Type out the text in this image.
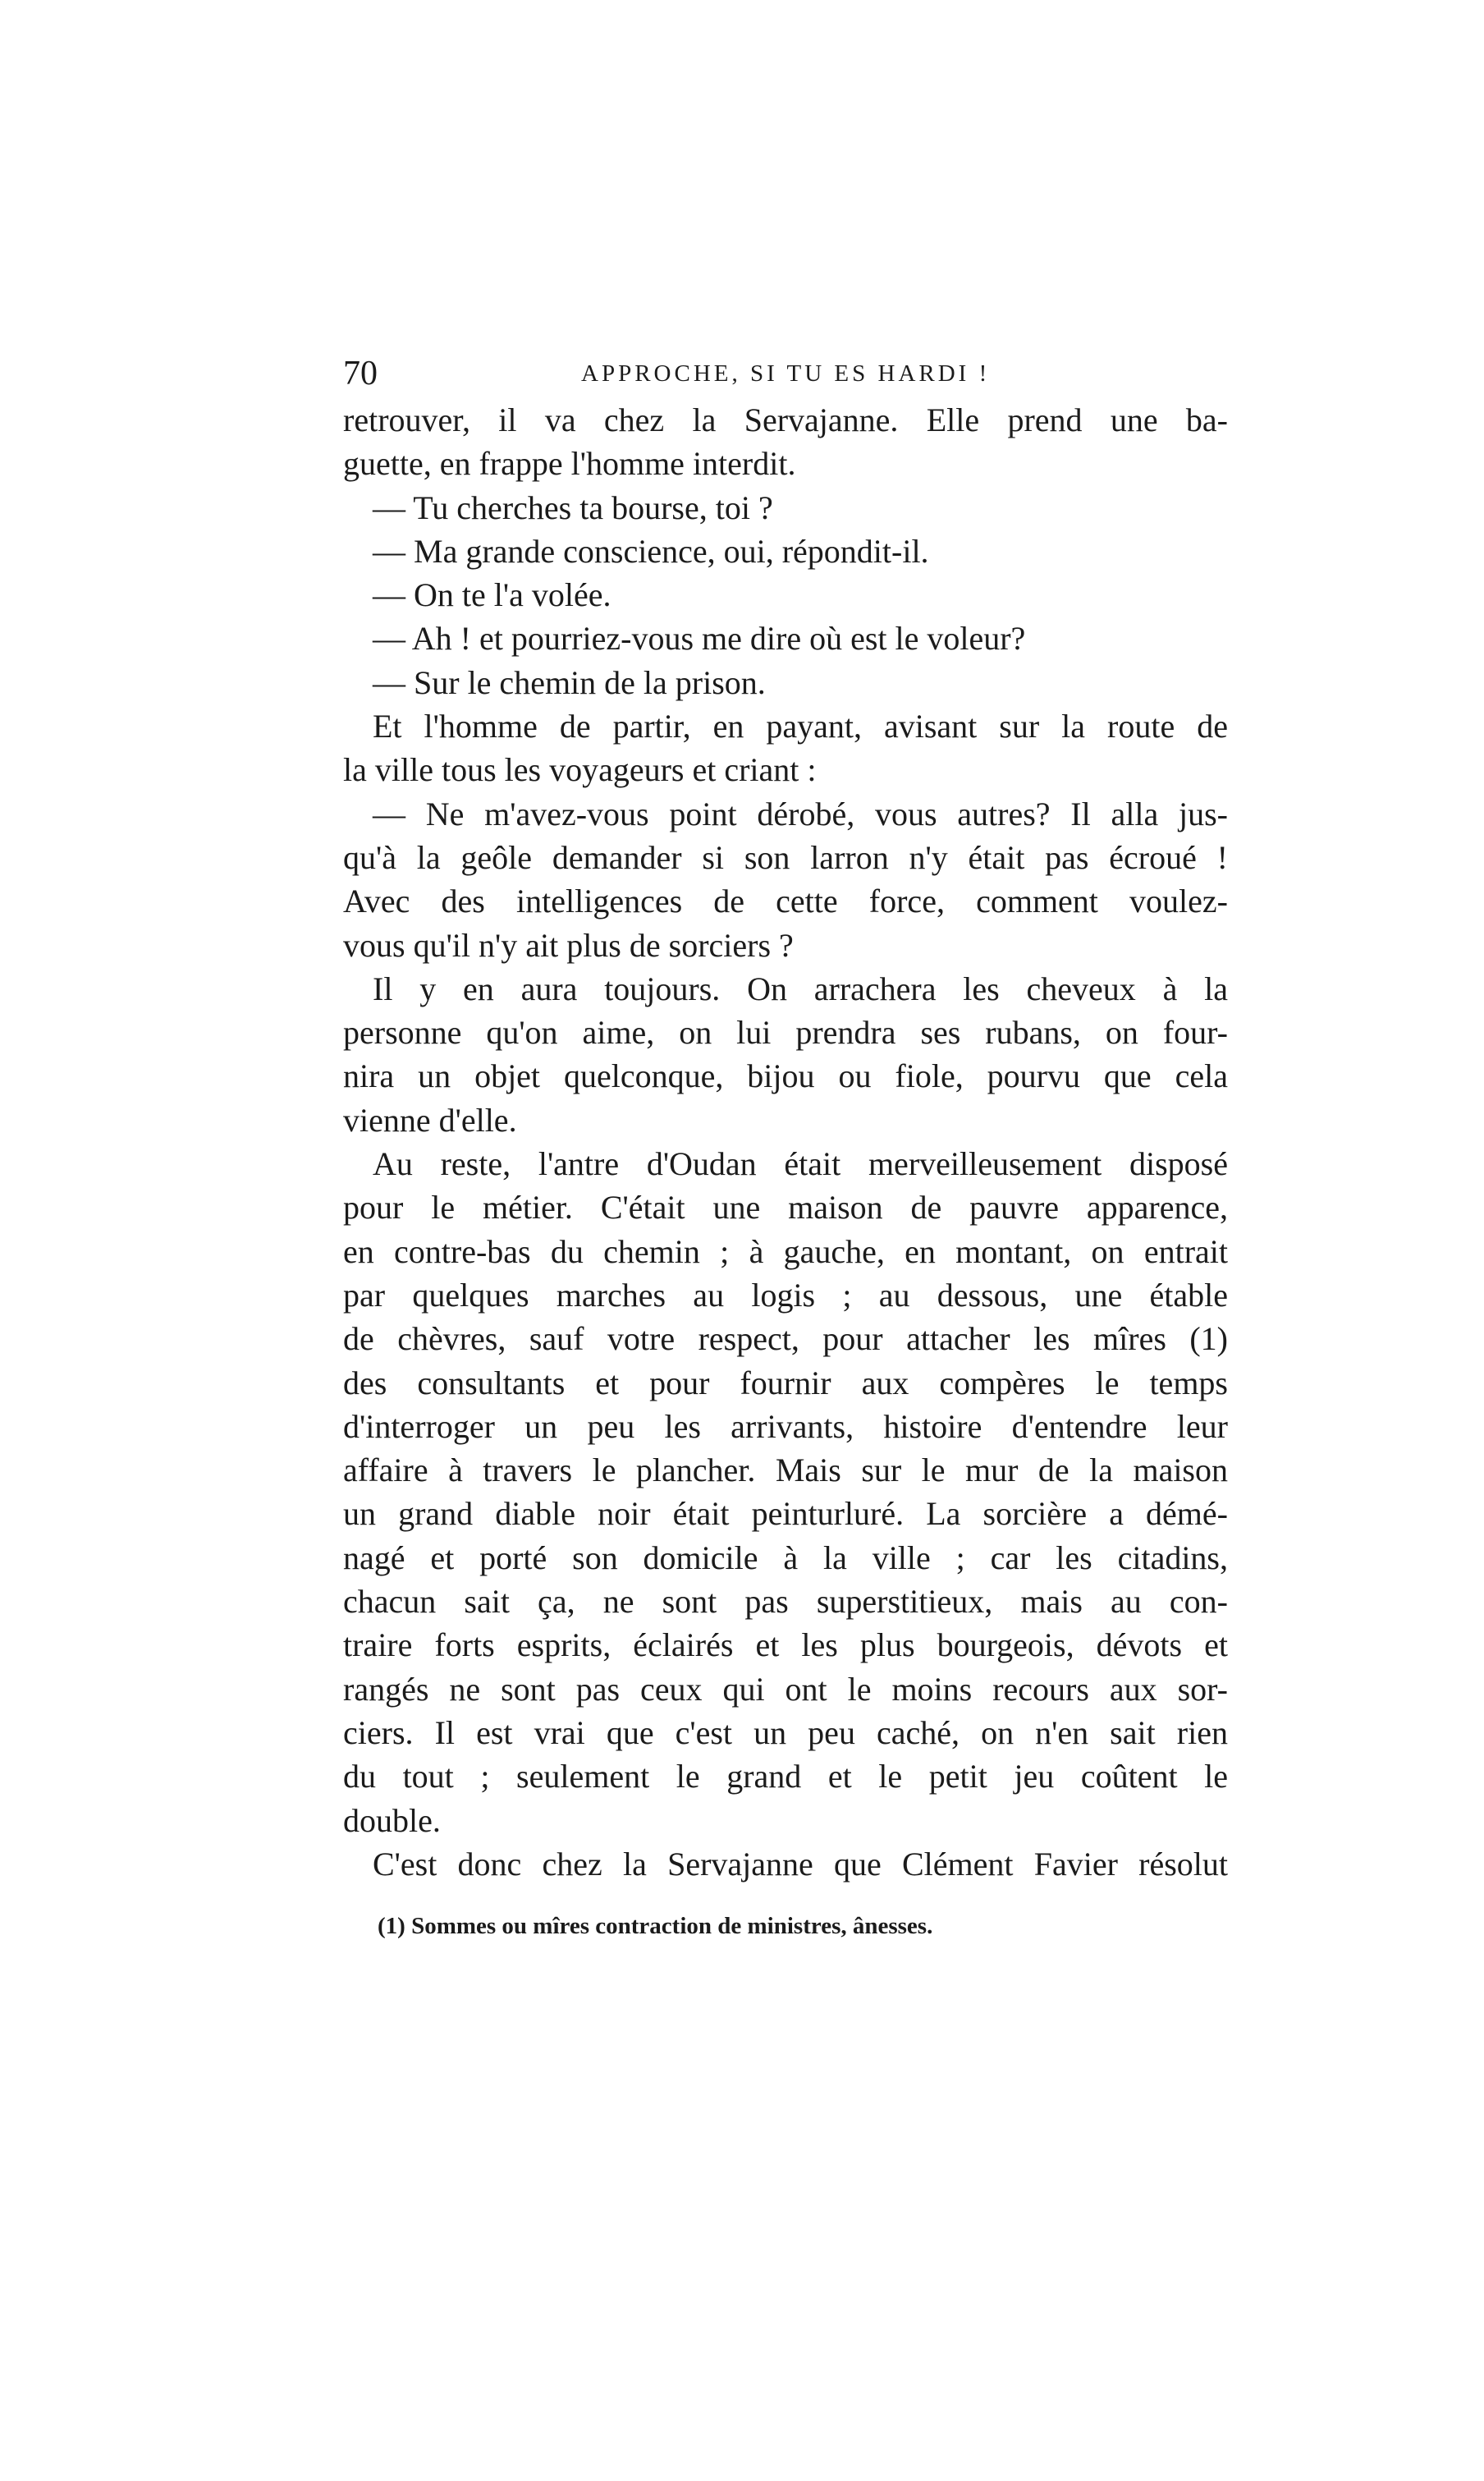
70	APPROCHE, SI TU ES HARDI !
retrouver, il va chez la Servajanne. Elle prend une ba-
guette, en frappe l'homme interdit.
— Tu cherches ta bourse, toi ?
— Ma grande conscience, oui, répondit-il.
— On te l'a volée.
— Ah ! et pourriez-vous me dire où est le voleur?
— Sur le chemin de la prison.
Et l'homme de partir, en payant, avisant sur la route de
la ville tous les voyageurs et criant :
— Ne m'avez-vous point dérobé, vous autres? Il alla jus-
qu'à la geôle demander si son larron n'y était pas écroué !
Avec des intelligences de cette force, comment voulez-
vous qu'il n'y ait plus de sorciers ?
Il y en aura toujours. On arrachera les cheveux à la
personne qu'on aime, on lui prendra ses rubans, on four-
nira un objet quelconque, bijou ou fiole, pourvu que cela
vienne d'elle.
Au reste, l'antre d'Oudan était merveilleusement disposé
pour le métier. C'était une maison de pauvre apparence,
en contre-bas du chemin ; à gauche, en montant, on entrait
par quelques marches au logis ; au dessous, une étable
de chèvres, sauf votre respect, pour attacher les mîres (1)
des consultants et pour fournir aux compères le temps
d'interroger un peu les arrivants, histoire d'entendre leur
affaire à travers le plancher. Mais sur le mur de la maison
un grand diable noir était peinturluré. La sorcière a démé-
nagé et porté son domicile à la ville ; car les citadins,
chacun sait ça, ne sont pas superstitieux, mais au con-
traire forts esprits, éclairés et les plus bourgeois, dévots et
rangés ne sont pas ceux qui ont le moins recours aux sor-
ciers. Il est vrai que c'est un peu caché, on n'en sait rien
du tout ; seulement le grand et le petit jeu coûtent le
double.
C'est donc chez la Servajanne que Clément Favier résolut
(1) Sommes ou mîres contraction de ministres, ânesses.
